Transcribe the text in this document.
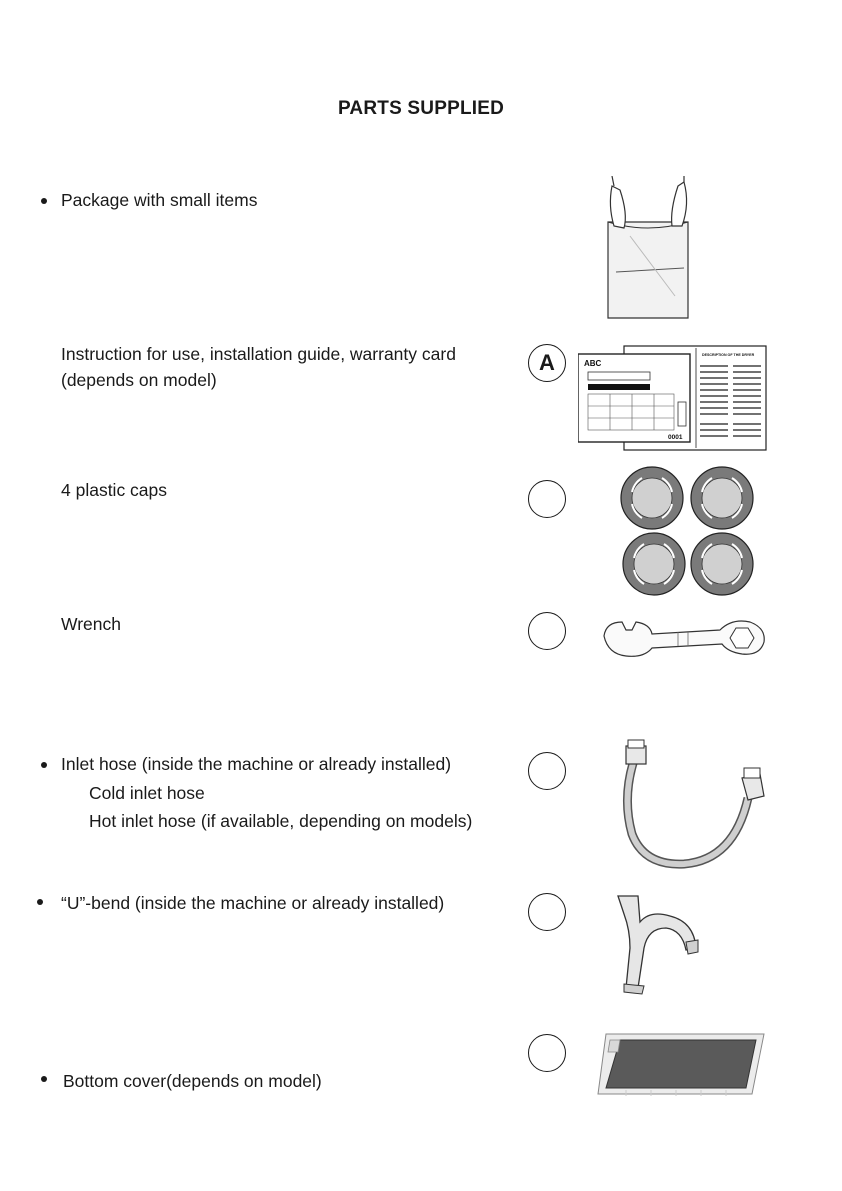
PARTS SUPPLIED
Package with small items
Instruction for use, installation guide, warranty card
(depends on model)
A	ABC
DESCRIPTION OF THE DRYER
0001
4 plastic caps
Wrench
Inlet hose (inside the machine or already installed)
Cold inlet hose
Hot inlet hose (if available, depending on models)
“U”-bend (inside the machine or already installed)
Bottom cover(depends on model)
